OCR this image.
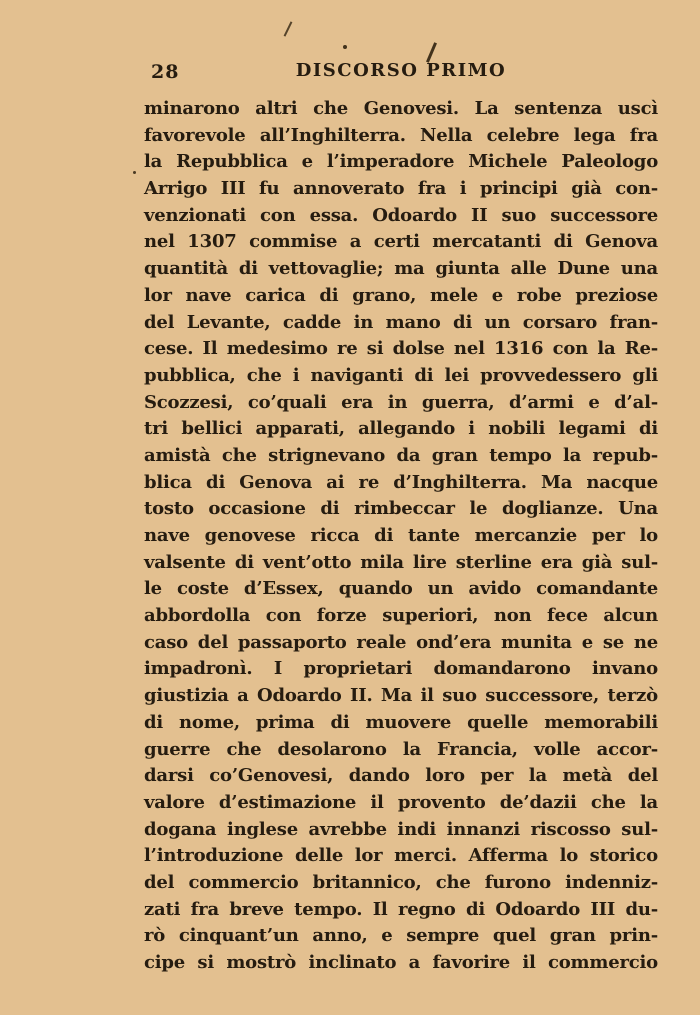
28	DISCORSO PRIMO
minarono altri che Genovesi. La sentenza uscì
favorevole all’Inghilterra. Nella celebre lega fra
la Repubblica e l’imperadore Michele Paleologo
Arrigo III fu annoverato fra i principi già con-
venzionati con essa. Odoardo II suo successore
nel 1307 commise a certi mercatanti di Genova
quantità di vettovaglie; ma giunta alle Dune una
lor nave carica di grano, mele e robe preziose
del Levante, cadde in mano di un corsaro fran-
cese. Il medesimo re si dolse nel 1316 con la Re-
pubblica, che i naviganti di lei provvedessero gli
Scozzesi, co’quali era in guerra, d’armi e d’al-
tri bellici apparati, allegando i nobili legami di
amistà che strignevano da gran tempo la repub-
blica di Genova ai re d’Inghilterra. Ma nacque
tosto occasione di rimbeccar le doglianze. Una
nave genovese ricca di tante mercanzie per lo
valsente di vent’otto mila lire sterline era già sul-
le coste d’Essex, quando un avido comandante
abbordolla con forze superiori, non fece alcun
caso del passaporto reale ond’era munita e se ne
impadronì. I proprietari domandarono invano
giustizia a Odoardo II. Ma il suo successore, terzò
di nome, prima di muovere quelle memorabili
guerre che desolarono la Francia, volle accor-
darsi co’Genovesi, dando loro per la metà del
valore d’estimazione il provento de’dazii che la
dogana inglese avrebbe indi innanzi riscosso sul-
l’introduzione delle lor merci. Afferma lo storico
del commercio britannico, che furono indenniz-
zati fra breve tempo. Il regno di Odoardo III du-
rò cinquant’un anno, e sempre quel gran prin-
cipe si mostrò inclinato a favorire il commercio
